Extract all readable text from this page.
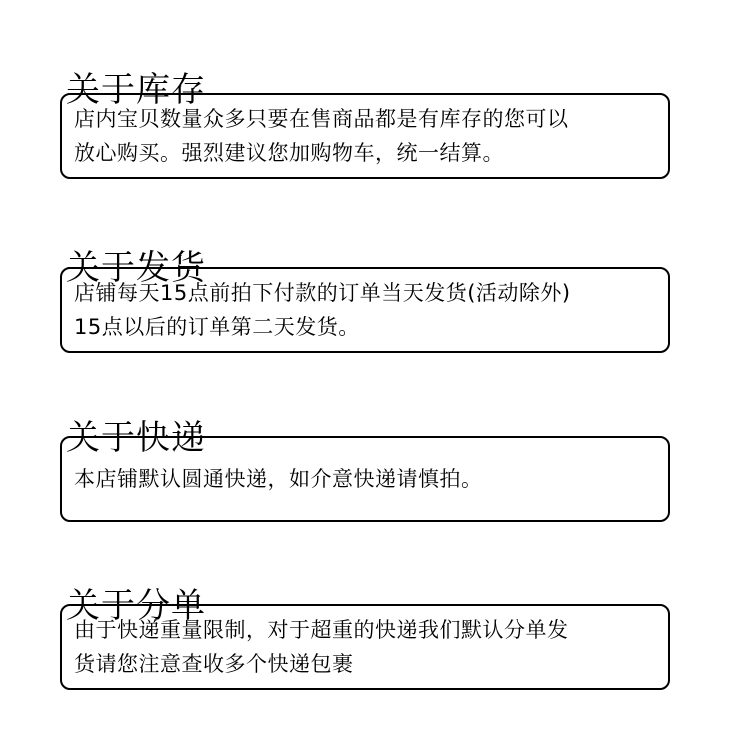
关于库存
店内宝贝数量众多只要在售商品都是有库存的您可以
放心购买。强烈建议您加购物车，统一结算。
关于发货
店铺每天15点前拍下付款的订单当天发货(活动除外)
15点以后的订单第二天发货。
关于快递
本店铺默认圆通快递，如介意快递请慎拍。
关于分单
由于快递重量限制，对于超重的快递我们默认分单发
货请您注意查收多个快递包裹
